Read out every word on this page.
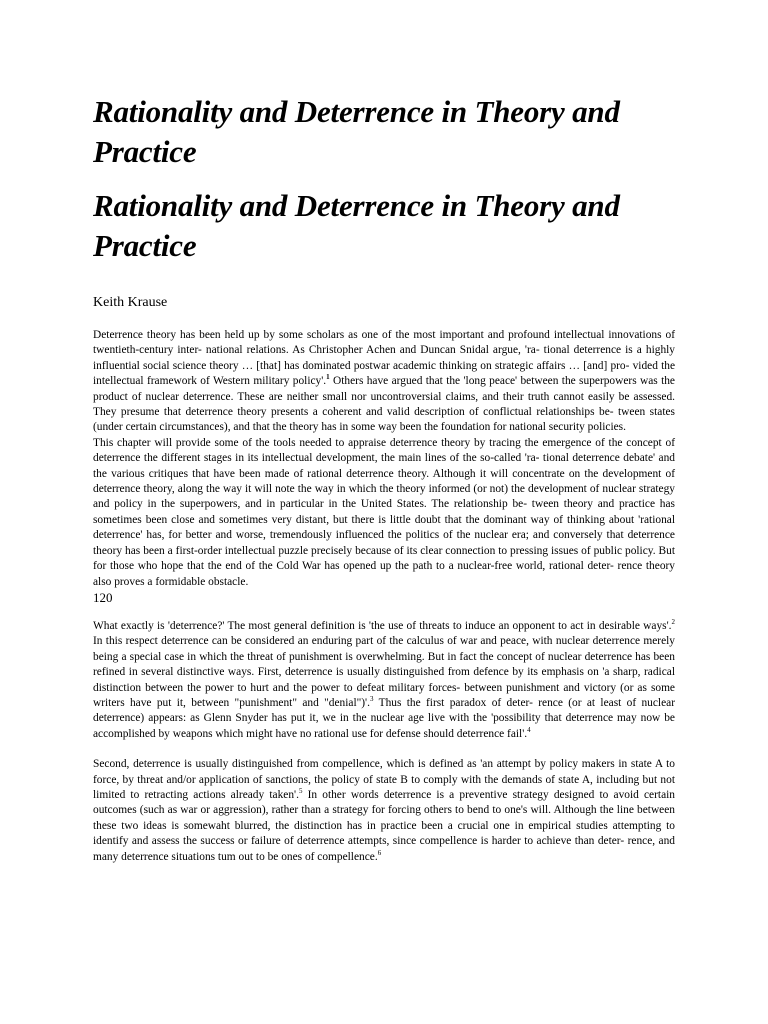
Rationality and Deterrence in Theory and Practice
Rationality and Deterrence in Theory and Practice
Keith Krause

Deterrence theory has been held up by some scholars as one of the most important and profound intellectual innovations of twentieth-century inter- national relations. As Christopher Achen and Duncan Snidal argue, 'ra- tional deterrence is a highly influential social science theory … [that] has dominated postwar academic thinking on strategic affairs … [and] pro- vided the intellectual framework of Western military policy'.$^1$ Others have argued that the 'long peace' between the superpowers was the product of nuclear deterrence. These are neither small nor uncontroversial claims, and their truth cannot easily be assessed. They presume that deterrence theory presents a coherent and valid description of conflictual relationships be- tween states (under certain circumstances), and that the theory has in some way been the foundation for national security policies.
This chapter will provide some of the tools needed to appraise deterrence theory by tracing the emergence of the concept of deterrence the different stages in its intellectual development, the main lines of the so-called 'ra- tional deterrence debate' and the various critiques that have been made of rational deterrence theory. Although it will concentrate on the development of deterrence theory, along the way it will note the way in which the theory informed (or not) the development of nuclear strategy and policy in the superpowers, and in particular in the United States. The relationship be- tween theory and practice has sometimes been close and sometimes very distant, but there is little doubt that the dominant way of thinking about 'rational deterrence' has, for better and worse, tremendously influenced the politics of the nuclear era; and conversely that deterrence theory has been a first-order intellectual puzzle precisely because of its clear connection to pressing issues of public policy. But for those who hope that the end of the Cold War has opened up the path to a nuclear-free world, rational deter- rence theory also proves a formidable obstacle.

120

What exactly is 'deterrence?' The most general definition is 'the use of threats to induce an opponent to act in desirable ways'.$^2$ In this respect deterrence can be considered an enduring part of the calculus of war and peace, with nuclear deterrence merely being a special case in which the threat of punishment is overwhelming. But in fact the concept of nuclear deterrence has been refined in several distinctive ways. First, deterrence is usually distinguished from defence by its emphasis on 'a sharp, radical distinction between the power to hurt and the power to defeat military forces- between punishment and victory (or as some writers have put it, between "punishment" and "denial")'.$^3$ Thus the first paradox of deter- rence (or at least of nuclear deterrence) appears: as Glenn Snyder has put it, we in the nuclear age live with the 'possibility that deterrence may now be accomplished by weapons which might have no rational use for defense should deterrence fail'.$^4$

Second, deterrence is usually distinguished from compellence, which is defined as 'an attempt by policy makers in state A to force, by threat and/or application of sanctions, the policy of state B to comply with the demands of state A, including but not limited to retracting actions already taken'.$^5$ In other words deterrence is a preventive strategy designed to avoid certain outcomes (such as war or aggression), rather than a strategy for forcing others to bend to one's will. Although the line between these two ideas is somewaht blurred, the distinction has in practice been a crucial one in empirical studies attempting to identify and assess the success or failure of deterrence attempts, since compellence is harder to achieve than deter- rence, and many deterrence situations tum out to be ones of compellence.$^6$
